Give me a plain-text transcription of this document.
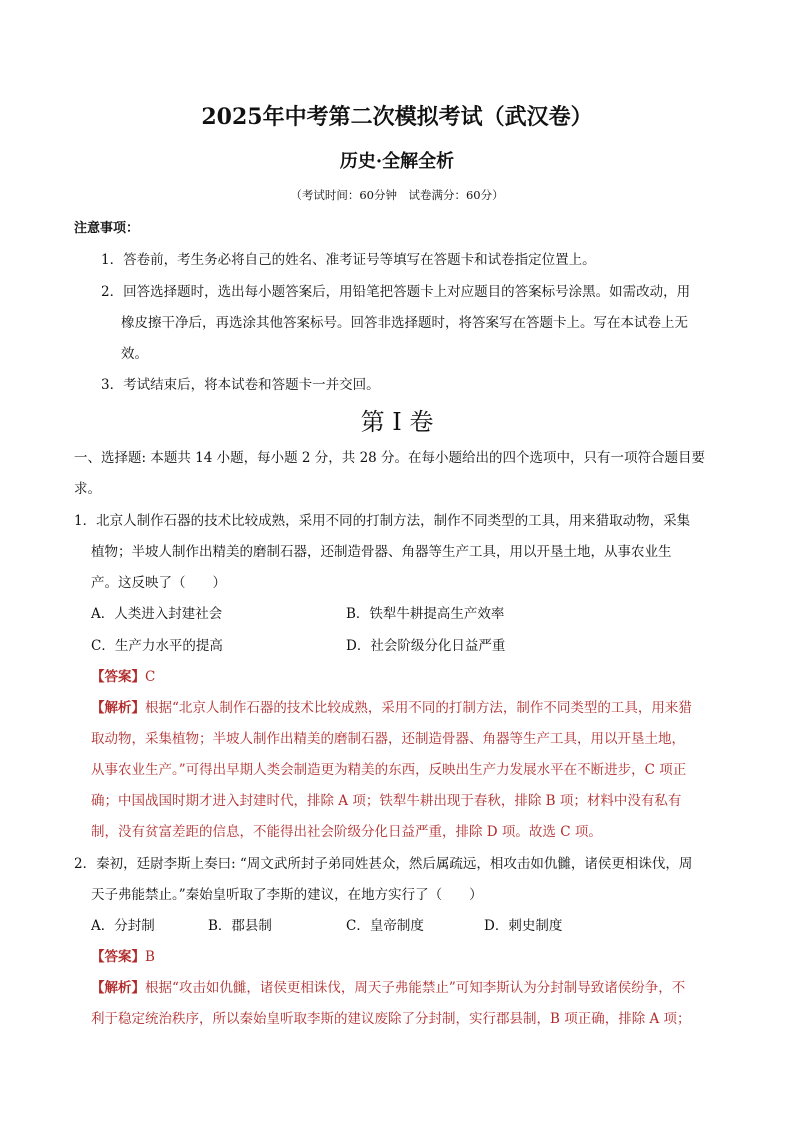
2025年中考第二次模拟考试（武汉卷）
历史·全解全析
（考试时间：60分钟　试卷满分：60分）
注意事项：
1．答卷前，考生务必将自己的姓名、准考证号等填写在答题卡和试卷指定位置上。
2．回答选择题时，选出每小题答案后，用铅笔把答题卡上对应题目的答案标号涂黑。如需改动，用
橡皮擦干净后，再选涂其他答案标号。回答非选择题时，将答案写在答题卡上。写在本试卷上无
效。
3．考试结束后，将本试卷和答题卡一并交回。
第 I 卷
一、选择题: 本题共 14 小题，每小题 2 分，共 28 分。在每小题给出的四个选项中，只有一项符合题目要
求。
1．北京人制作石器的技术比较成熟，采用不同的打制方法，制作不同类型的工具，用来猎取动物，采集
植物；半坡人制作出精美的磨制石器，还制造骨器、角器等生产工具，用以开垦土地，从事农业生
产。这反映了（　　）
A．人类进入封建社会	B．铁犁牛耕提高生产效率
C．生产力水平的提高	D．社会阶级分化日益严重
【答案】C
【解析】根据“北京人制作石器的技术比较成熟，采用不同的打制方法，制作不同类型的工具，用来猎
取动物，采集植物；半坡人制作出精美的磨制石器，还制造骨器、角器等生产工具，用以开垦土地，
从事农业生产。”可得出早期人类会制造更为精美的东西，反映出生产力发展水平在不断进步，C 项正
确；中国战国时期才进入封建时代，排除 A 项；铁犁牛耕出现于春秋，排除 B 项；材料中没有私有
制，没有贫富差距的信息，不能得出社会阶级分化日益严重，排除 D 项。故选 C 项。
2．秦初，廷尉李斯上奏曰: “周文武所封子弟同姓甚众，然后属疏远，相攻击如仇雠，诸侯更相诛伐，周
天子弗能禁止。”秦始皇听取了李斯的建议，在地方实行了（　　）
A．分封制	B．郡县制	C．皇帝制度	D．刺史制度
【答案】B
【解析】根据“攻击如仇雠，诸侯更相诛伐，周天子弗能禁止”可知李斯认为分封制导致诸侯纷争，不
利于稳定统治秩序，所以秦始皇听取李斯的建议废除了分封制，实行郡县制，B 项正确，排除 A 项；
